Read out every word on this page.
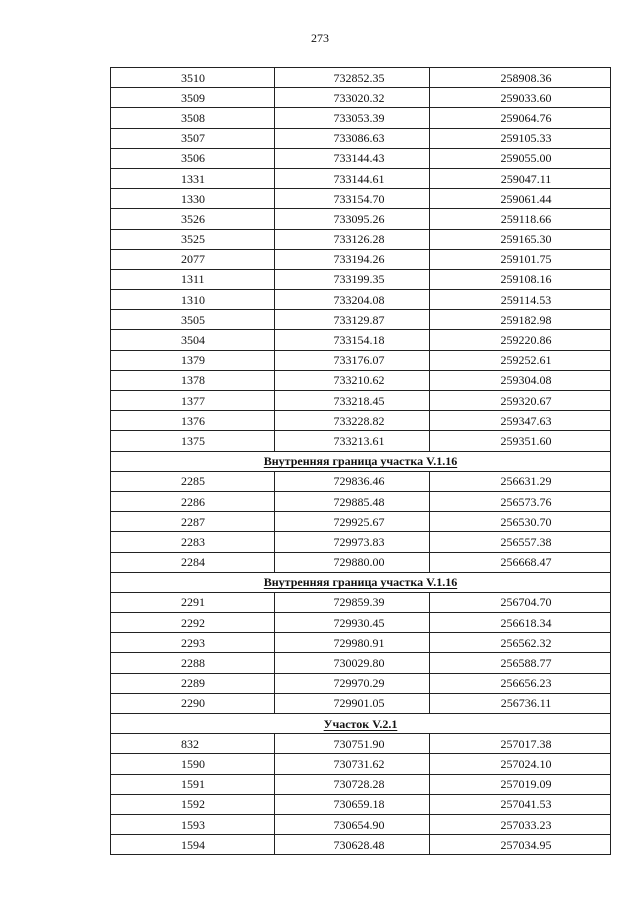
273
3510	732852.35	258908.36
3509	733020.32	259033.60
3508	733053.39	259064.76
3507	733086.63	259105.33
3506	733144.43	259055.00
1331	733144.61	259047.11
1330	733154.70	259061.44
3526	733095.26	259118.66
3525	733126.28	259165.30
2077	733194.26	259101.75
1311	733199.35	259108.16
1310	733204.08	259114.53
3505	733129.87	259182.98
3504	733154.18	259220.86
1379	733176.07	259252.61
1378	733210.62	259304.08
1377	733218.45	259320.67
1376	733228.82	259347.63
1375	733213.61	259351.60
Внутренняя граница участка V.1.16		
2285	729836.46	256631.29
2286	729885.48	256573.76
2287	729925.67	256530.70
2283	729973.83	256557.38
2284	729880.00	256668.47
Внутренняя граница участка V.1.16		
2291	729859.39	256704.70
2292	729930.45	256618.34
2293	729980.91	256562.32
2288	730029.80	256588.77
2289	729970.29	256656.23
2290	729901.05	256736.11
Участок V.2.1		
832	730751.90	257017.38
1590	730731.62	257024.10
1591	730728.28	257019.09
1592	730659.18	257041.53
1593	730654.90	257033.23
1594	730628.48	257034.95
